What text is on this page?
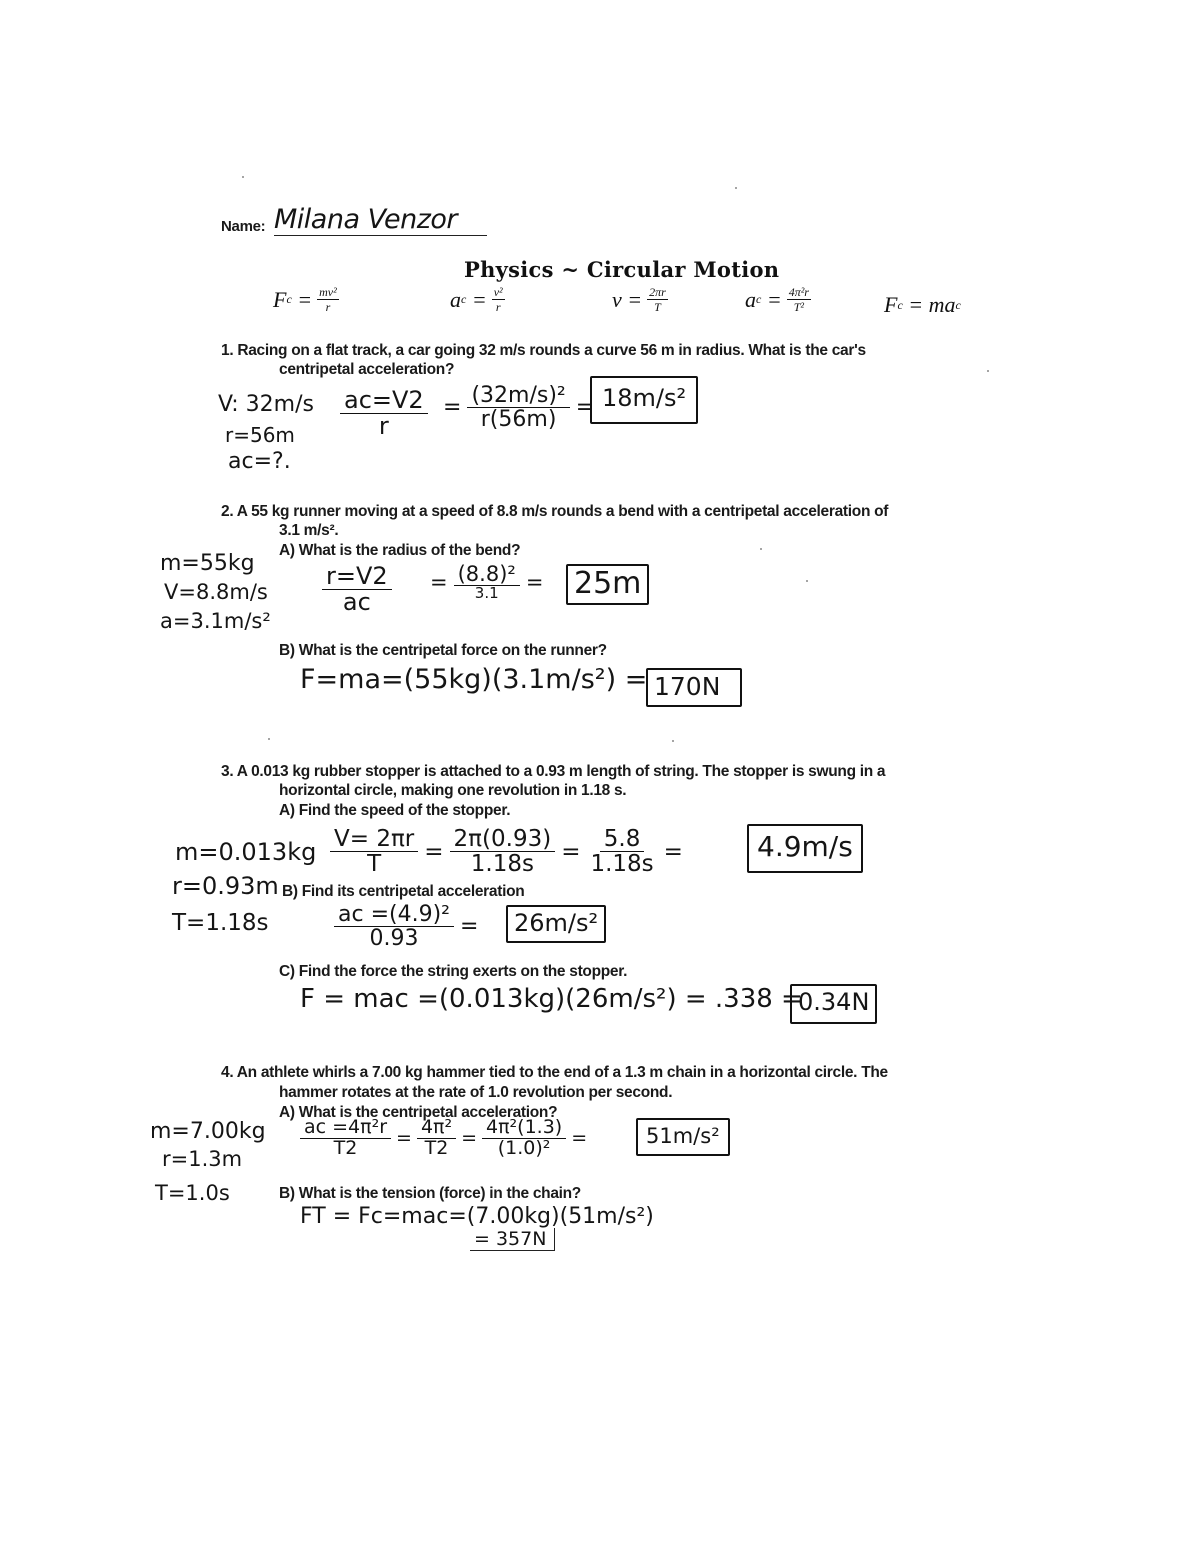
Name: Milana Venzor
Physics ~ Circular Motion
F $c = \frac{\text{mv²}}{r}$	a $c = \frac{\text{v²}}{r}$	$v = \frac{2\pi r}{T}$	a $c = \frac{\text{4π²r}}{\text{T²}}$	F c = ma c
1. Racing on a flat track, a car going 32 m/s rounds a curve 56 m in radius. What is the car's
centripetal acceleration?
V: 32m/s
r=56m
ac=?.
$\frac{ac=V2}{r} = \frac{\text{(32m/s)²}}{r(56m)} = 18m/s^2$
2. A 55 kg runner moving at a speed of 8.8 m/s rounds a bend with a centripetal acceleration of
3.1 m/s².
A) What is the radius of the bend?
m=55kg
V=8.8m/s
a=3.1m/s²
$\frac{r=V2}{ac} = (8.8)^2$
3.1 = 25m
B) What is the centripetal force on the runner?
F=ma=(55kg)(3.1m/s²) = 170N
3. A 0.013 kg rubber stopper is attached to a 0.93 m length of string. The stopper is swung in a
horizontal circle, making one revolution in 1.18 s.
A) Find the speed of the stopper.
m=0.013kg
r=0.93m
T=1.18s
$\frac{V= 2\pi r}{T} = \frac{2\pi(0.93)}{1.18s} = \frac{5.8}{1.18s}$ =	4.9m/s
B) Find its centripetal acceleration
$\frac{\text{ac =(4.9)²}}{0.93}$ =	26m/s²
C) Find the force the string exerts on the stopper.
F = mac =(0.013kg)(26m/s²) = .338 =
0.34N
4. An athlete whirls a 7.00 kg hammer tied to the end of a 1.3 m chain in a horizontal circle. The
hammer rotates at the rate of 1.0 revolution per second.
A) What is the centripetal acceleration?
m=7.00kg
r=1.3m
T=1.0s
$\frac{\text{ac =4π²r}}{T2} = \frac{\text{4π²}}{T2} = \frac{\text{4π²(1.3)}}{\text{(1.0)²}}$ =	51m/s²
B) What is the tension (force) in the chain?
FT = Fc=mac=(7.00kg)(51m/s²)
= 357N
